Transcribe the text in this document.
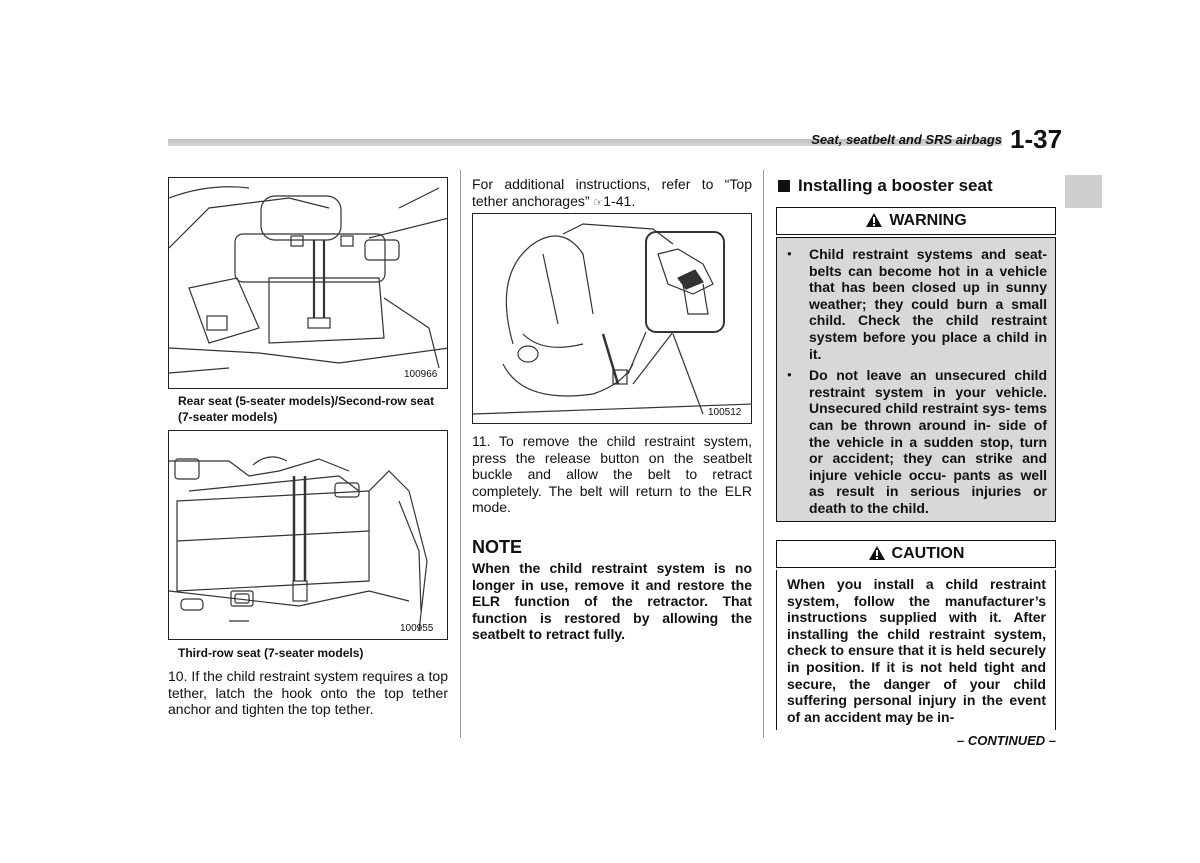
Seat, seatbelt and SRS airbags 1-37
100966
Rear seat (5-seater models)/Second-row seat (7-seater models)
100955
Third-row seat (7-seater models)
10. If the child restraint system requires a top tether, latch the hook onto the top tether anchor and tighten the top tether.
For additional instructions, refer to “Top tether anchorages” ☞1-41.
100512
11. To remove the child restraint system, press the release button on the seatbelt buckle and allow the belt to retract completely. The belt will return to the ELR mode.
NOTE
When the child restraint system is no longer in use, remove it and restore the ELR function of the retractor. That function is restored by allowing the seatbelt to retract fully.
Installing a booster seat
WARNING
●	Child restraint systems and seat- belts can become hot in a vehicle that has been closed up in sunny weather; they could burn a small child. Check the child restraint system before you place a child in it.
●	Do not leave an unsecured child restraint system in your vehicle. Unsecured child restraint sys- tems can be thrown around in- side of the vehicle in a sudden stop, turn or accident; they can strike and injure vehicle occu- pants as well as result in serious injuries or death to the child.
CAUTION
When you install a child restraint system, follow the manufacturer’s instructions supplied with it. After installing the child restraint system, check to ensure that it is held securely in position. If it is not held tight and secure, the danger of your child suffering personal injury in the event of an accident may be in-
– CONTINUED –
